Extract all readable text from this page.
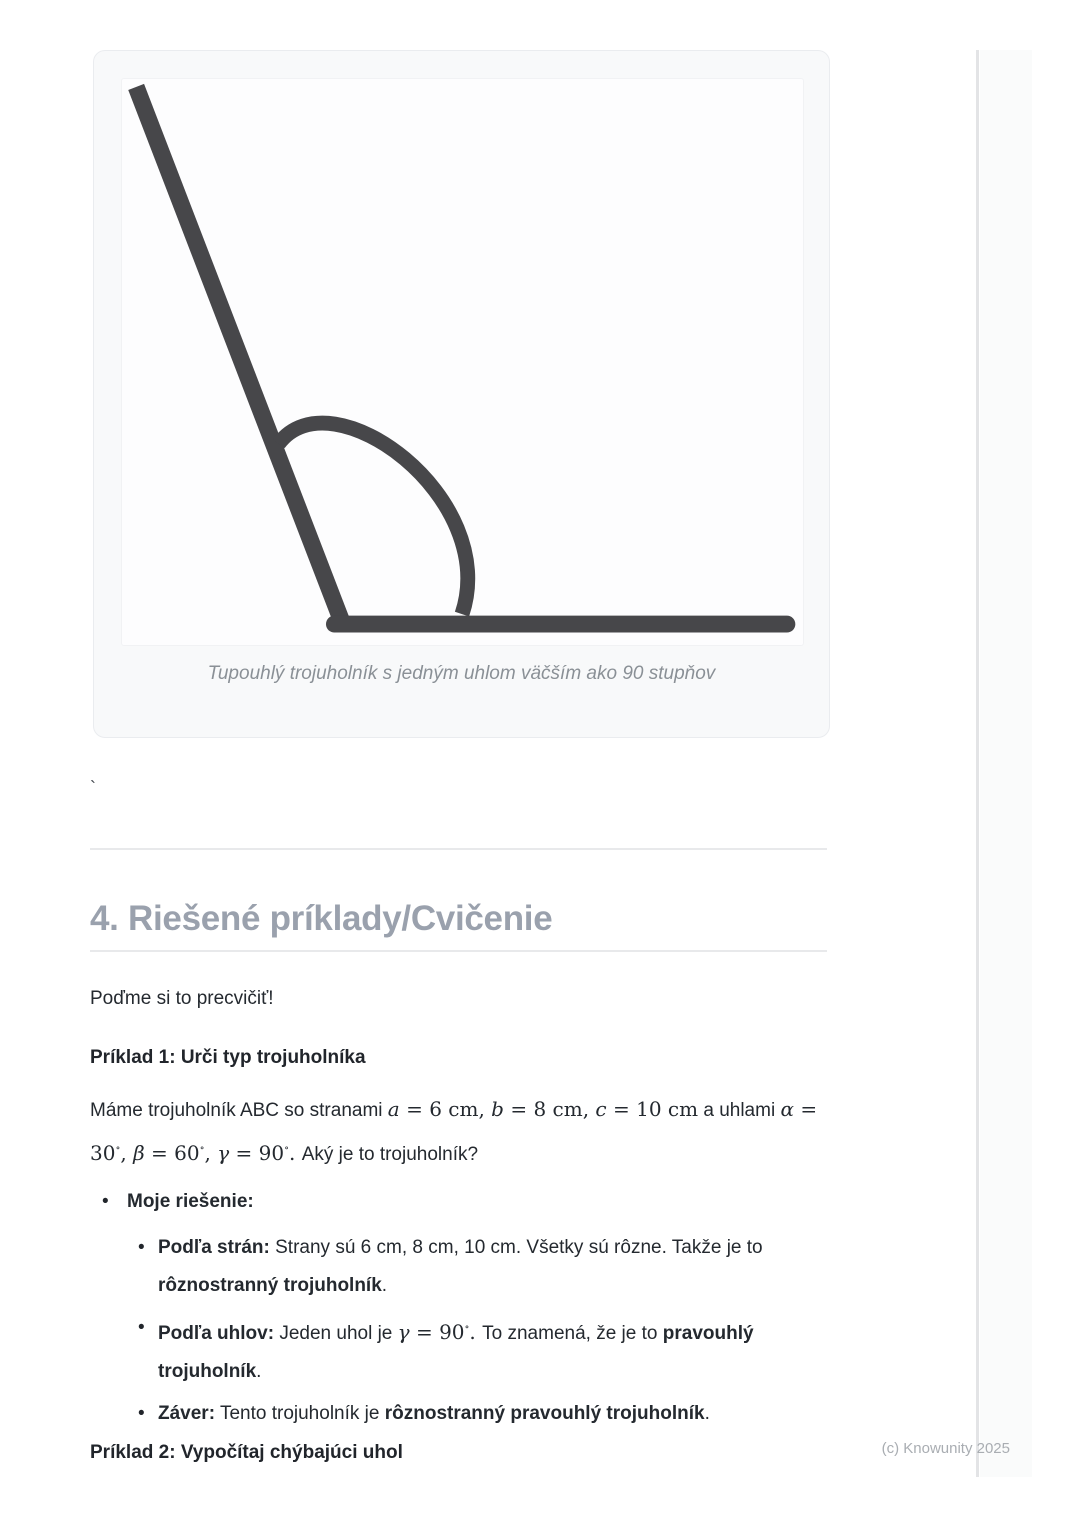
Tupouhlý trojuholník s jedným uhlom väčším ako 90 stupňov
`
4. Riešené príklady/Cvičenie

Poďme si to precvičiť!

Príklad 1: Urči typ trojuholníka

Máme trojuholník ABC so stranami a = 6 cm, b = 8 cm, c = 10 cm a uhlami α =
30∘, β = 60∘, γ = 90∘. Aký je to trojuholník?
• Moje riešenie:
• Podľa strán: Strany sú 6 cm, 8 cm, 10 cm. Všetky sú rôzne. Takže je to
rôznostranný trojuholník.
• Podľa uhlov: Jeden uhol je γ = 90∘. To znamená, že je to pravouhlý
trojuholník.
• Záver: Tento trojuholník je rôznostranný pravouhlý trojuholník.

Príklad 2: Vypočítaj chýbajúci uhol	(c) Knowunity 2025
